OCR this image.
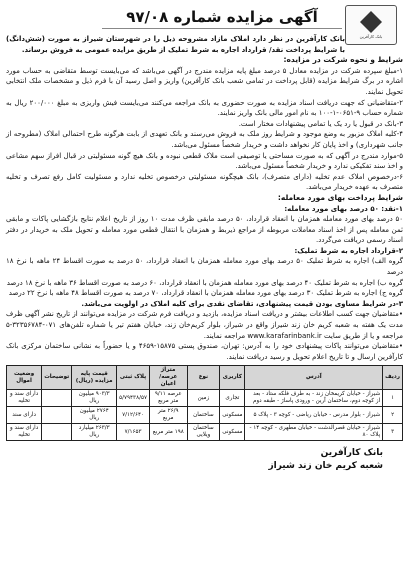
آگهی مزایده شماره ۹۷/۰۸
بانک کارآفرین

بانک کارآفرین در نظر دارد املاک مازاد مشروحه ذیل را در شهرستان شیراز به صورت (شش‌دانگ) با شرایط پرداخت نقد/ قرارداد اجاره به شرط تملیک از طریق مزایده عمومی به فروش برساند.

شرایط و نحوه شرکت در مزایده:

۱-مبلغ سپرده شرکت در مزایده معادل ۵ درصد مبلغ پایه مزایده مندرج در آگهی می‌باشد که می‌بایست توسط متقاضی به حساب مورد اشاره در برگ شرایط مزایده (قابل پرداخت در تمامی شعب بانک کارآفرین) واریز و اصل رسید آن با فرم ذیل و مشخصات ملک انتخابی تحویل نمایند.

۲-متقاضیانی که جهت دریافت اسناد مزایده به صورت حضوری به بانک مراجعه می‌کنند می‌بایست فیش واریزی به مبلغ ۲۰۰/۰۰۰ ریال به شماره حساب ۹-۰۶۵۱-۱-۱۰۰ به نام امور مالی بانک واریز نمایند.

۳-بانک در قبول یا رد یک یا تمامی پیشنهادات مختار است.

۴-کلیه املاک مزبور به وضع موجود و شرایط روز ملک به فروش می‌رسند و بانک تعهدی از بابت هرگونه طرح احتمالی املاک (مطروحه از جانب شهرداری) و اخذ پایان کار نخواهد داشت و خریدار شخصاً مسئول می‌باشد.

۵-موارد مندرج در آگهی که به صورت مساحتی یا توصیفی است ملاک قطعی نبوده و بانک هیچ گونه مسئولیتی در قبال افراز سهم مشاعی و اخذ سند تفکیکی ندارد و خریدار شخصاً مسئول می‌باشد.

۶-درخصوص املاک عدم تخلیه (دارای متصرف)، بانک هیچگونه مسئولیتی درخصوص تخلیه ندارد و مسئولیت کامل رفع تصرف و تخلیه متصرف به عهده خریدار می‌باشد.

شرایط پرداخت بهای مورد معامله:

۱-نقد: ۵۰ درصد بهای مورد معامله:

۵۰ درصد بهای مورد معامله همزمان با انعقاد قرارداد، ۵۰ درصد مابقی ظرف مدت ۱۰ روز از تاریخ اعلام نتایج بازگشایی پاکات و مابقی ثمن معامله پس از اخذ اسناد معاملات مربوطه از مراجع ذیربط و همزمان با انتقال قطعی مورد معامله و تحویل ملک به خریدار در دفتر اسناد رسمی دریافت می‌گردد.

۲-قرارداد اجاره به شرط تملیک:

گروه الف) اجاره به شرط تملیک ۵۰ درصد بهای مورد معامله همزمان با انعقاد قرارداد، ۵۰ درصد به صورت اقساط ۲۴ ماهه با نرخ ۱۸ درصد

گروه ب) اجاره به شرط تملیک ۴۰ درصد بهای مورد معامله همزمان با انعقاد قرارداد، ۶۰ درصد به صورت اقساط ۳۶ ماهه با نرخ ۱۸ درصد

گروه ج) اجاره به شرط تملیک ۳۰ درصد بهای مورد معامله همزمان با انعقاد قرارداد، ۷۰ درصد به صورت اقساط ۴۸ ماهه با نرخ ۲۲ درصد

۳-در شرایط مساوی بودن قیمت پیشنهادی، تقاضای نقدی برای کلیه املاک در اولویت می‌باشد.

•متقاضیان جهت کسب اطلاعات بیشتر و دریافت اسناد مزایده، بازدید و دریافت فرم شرکت در مزایده می‌توانند از تاریخ نشر آگهی ظرف مدت یک هفته به شعبه کریم خان زند شیراز واقع در شیراز، بلوار کریم‌خان زند، خیابان هفتم تیر یا شماره تلفن‌های ۰۷۱-۳۲۳۵۶۷۸۴-۵ مراجعه و یا از طریق سایت www.karafarinbank.ir مراجعه نمایند.

•متقاضیان می‌توانند پاکات پیشنهادی خود را به آدرس: تهران، صندوق پستی ۱۵۸۷۵-۴۶۵۹ و یا حضوراً به نشانی ساختمان مرکزی بانک کارآفرین ارسال و تا تاریخ اعلام تحویل و رسید دریافت نمایند.

ردیف	آدرس	کاربری	نوع	متراژ عرصه/اعیان	پلاک ثبتی	قیمت پایه مزایده (ریال)	توضیحات	وضعیت اموال
۱	شیراز - خیابان کریمخان زند - به طرف فلکه ستاد - بعد از کوچه دوم، ساختمان آرین - ورودی پاساژ - طبقه دوم	تجاری	زمین	عرصه ۹/۱۱ متر مربع	۵/۷۹۴۳۸/۵۷	۹۰۳/۳ میلیون ریال		دارای سند و تخلیه
۲	شیراز - بلوار مدرس - خیابان ریاضی - کوچه ۳ - پلاک ۵	مسکونی	ساختمان	۲۶/۹ متر مربع	۷/۱۲/۶۴۰	۲۷۶۴ میلیون ریال		دارای سند
۳	شیراز - خیابان قصرالدشت - خیابان مطهری - کوچه ۱۴ - پلاک ۸۰	مسکونی	ساختمان ویلایی	۱۹۸ متر مربع	۷/۱۶۵۳	۲۶۳/۳ میلیارد ریال		دارای سند و تخلیه
بانک کارآفرین
شعبه کریم خان زند شیراز
